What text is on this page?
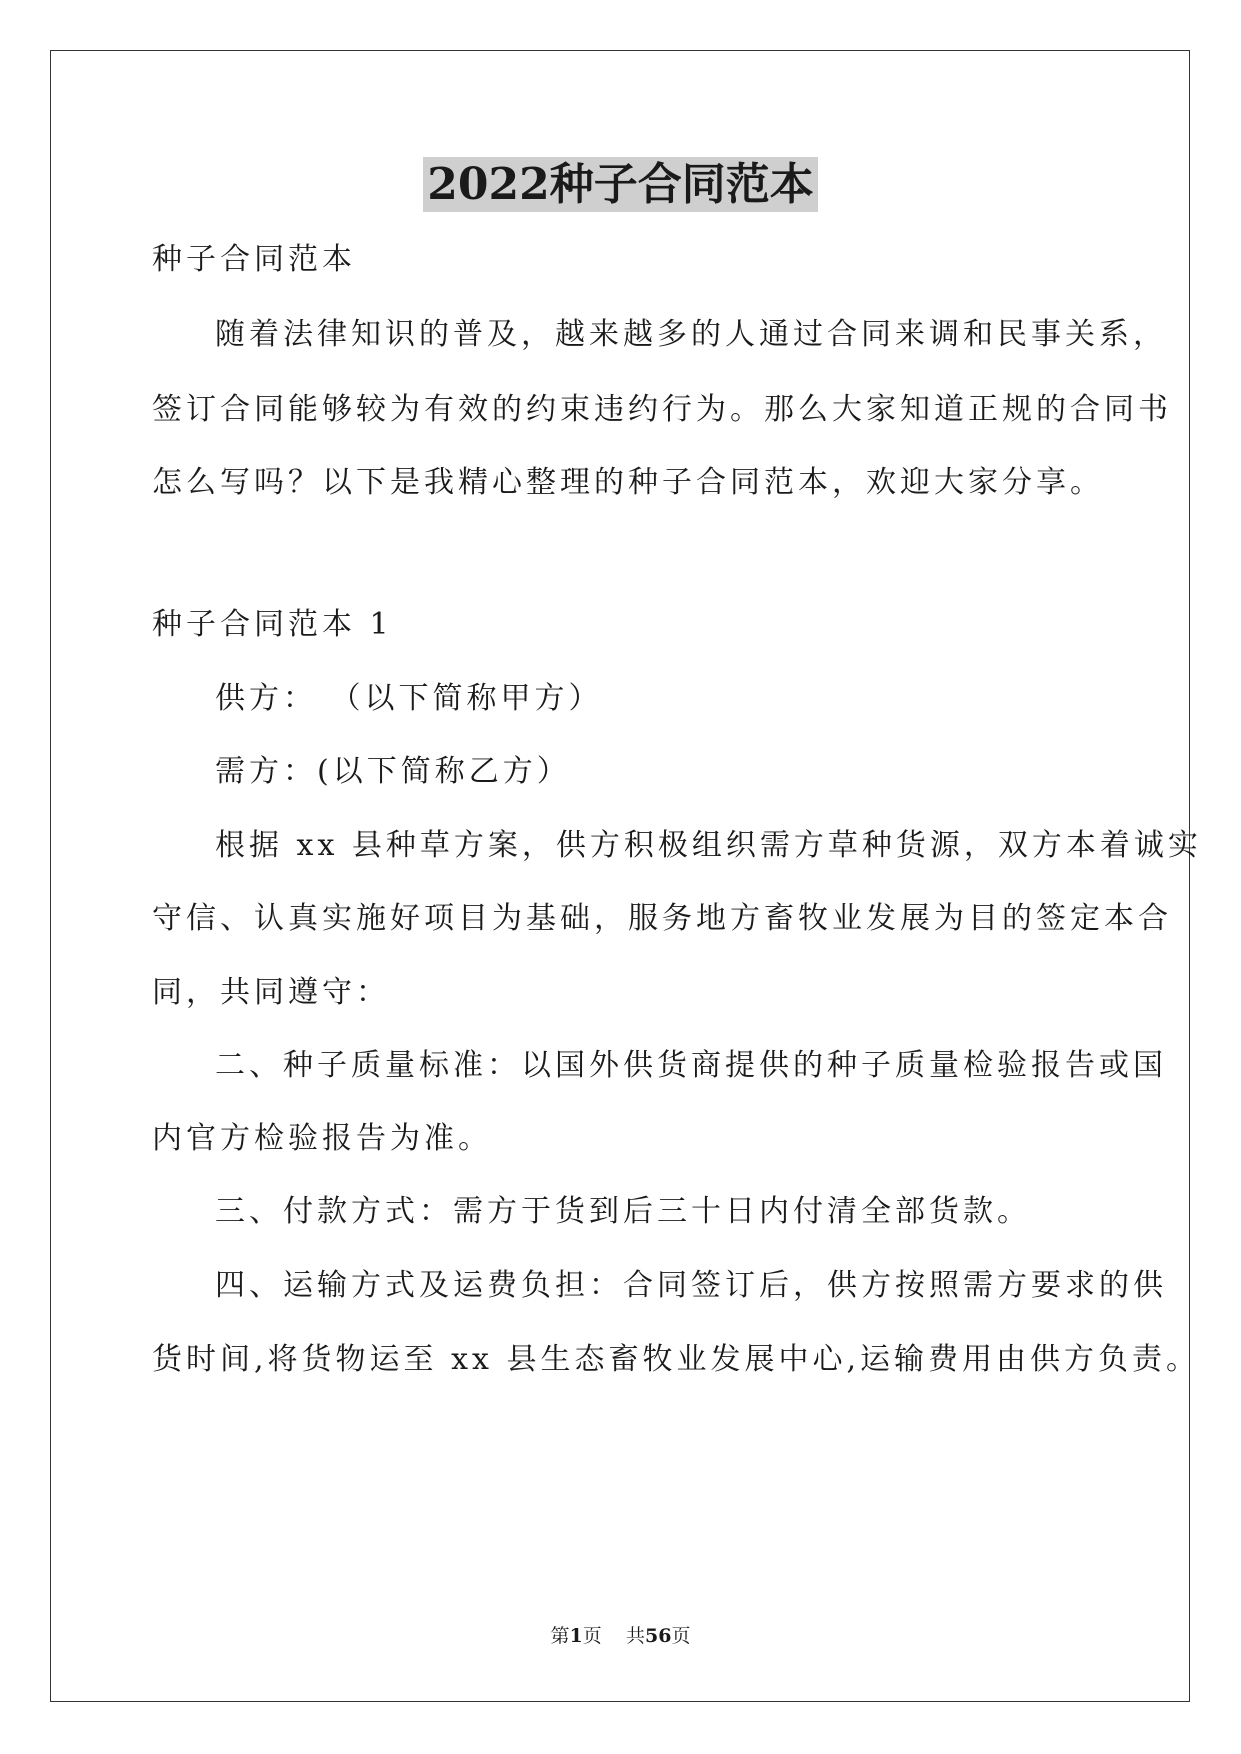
2022种子合同范本
种子合同范本
随着法律知识的普及，越来越多的人通过合同来调和民事关系，
签订合同能够较为有效的约束违约行为。那么大家知道正规的合同书
怎么写吗？以下是我精心整理的种子合同范本，欢迎大家分享。
种子合同范本 1
供方： （以下简称甲方）
需方：(以下简称乙方）
根据 xx 县种草方案，供方积极组织需方草种货源，双方本着诚实
守信、认真实施好项目为基础，服务地方畜牧业发展为目的签定本合
同，共同遵守：
二、种子质量标准：以国外供货商提供的种子质量检验报告或国
内官方检验报告为准。
三、付款方式：需方于货到后三十日内付清全部货款。
四、运输方式及运费负担：合同签订后，供方按照需方要求的供
货时间,将货物运至 xx 县生态畜牧业发展中心,运输费用由供方负责。
第1页 共56页
